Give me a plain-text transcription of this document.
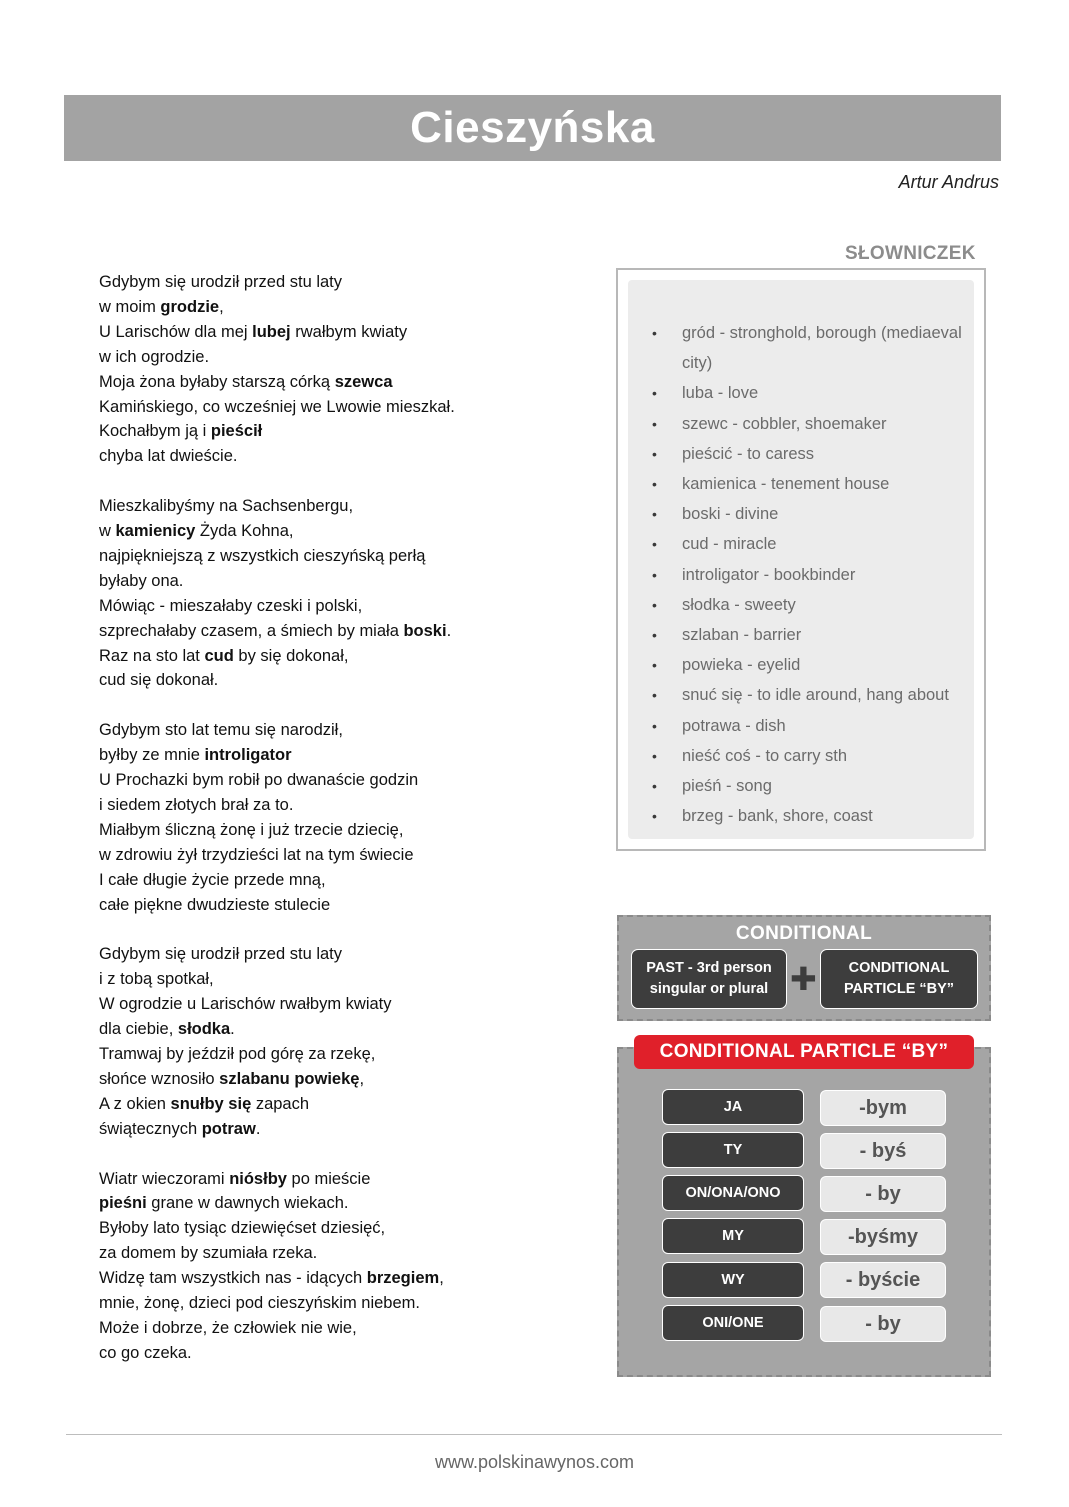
Cieszyńska
Artur Andrus
Gdybym się urodził przed stu laty
w moim grodzie,
U Larischów dla mej lubej rwałbym kwiaty
w ich ogrodzie.
Moja żona byłaby starszą córką szewca
Kamińskiego, co wcześniej we Lwowie mieszkał.
Kochałbym ją i pieścił
chyba lat dwieście.
Mieszkalibyśmy na Sachsenbergu,
w kamienicy Żyda Kohna,
najpiękniejszą z wszystkich cieszyńską perłą
byłaby ona.
Mówiąc - mieszałaby czeski i polski,
szprechałaby czasem, a śmiech by miała boski.
Raz na sto lat cud by się dokonał,
cud się dokonał.
Gdybym sto lat temu się narodził,
byłby ze mnie introligator
U Prochazki bym robił po dwanaście godzin
i siedem złotych brał za to.
Miałbym śliczną żonę i już trzecie dziecię,
w zdrowiu żył trzydzieści lat na tym świecie
I całe długie życie przede mną,
całe piękne dwudzieste stulecie
Gdybym się urodził przed stu laty
i z tobą spotkał,
W ogrodzie u Larischów rwałbym kwiaty
dla ciebie, słodka.
Tramwaj by jeździł pod górę za rzekę,
słońce wznosiło szlabanu powiekę,
A z okien snułby się zapach
świątecznych potraw.
Wiatr wieczorami niósłby po mieście
pieśni grane w dawnych wiekach.
Byłoby lato tysiąc dziewięćset dziesięć,
za domem by szumiała rzeka.
Widzę tam wszystkich nas - idących brzegiem,
mnie, żonę, dzieci pod cieszyńskim niebem.
Może i dobrze, że człowiek nie wie,
co go czeka.
SŁOWNICZEK
• gród - stronghold, borough (mediaeval city)
• luba - love
• szewc - cobbler, shoemaker
• pieścić - to caress
• kamienica - tenement house
• boski - divine
• cud - miracle
• introligator - bookbinder
• słodka - sweety
• szlaban - barrier
• powieka - eyelid
• snuć się - to idle around, hang about
• potrawa - dish
• nieść coś - to carry sth
• pieśń - song
• brzeg - bank, shore, coast
CONDITIONAL
PAST - 3rd person
singular or plural ✚	CONDITIONAL
PARTICLE “BY”
CONDITIONAL PARTICLE “BY”
JA	-bym
TY	- byś
ON/ONA/ONO	- by
MY	-byśmy
WY	- byście
ONI/ONE	- by
www.polskinawynos.com
